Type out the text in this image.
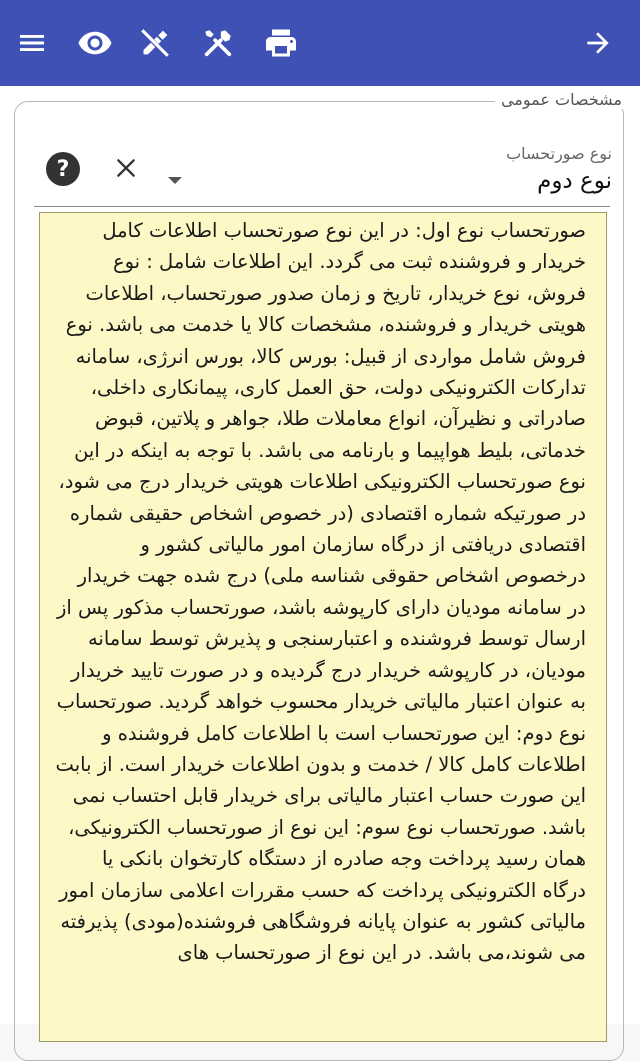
مشخصات عمومی
نوع صورتحساب
نوع دوم
?
صورتحساب نوع اول: در این نوع صورتحساب اطلاعات کامل خریدار و فروشنده ثبت می گردد. این اطلاعات شامل : نوع فروش، نوع خریدار، تاریخ و زمان صدور صورتحساب، اطلاعات هویتی خریدار و فروشنده، مشخصات کالا یا خدمت می باشد. نوع فروش شامل مواردی از قبیل: بورس کالا، بورس انرژی، سامانه تدارکات الکترونیکی دولت، حق العمل کاری، پیمانکاری داخلی، صادراتی و نظیرآن، انواع معاملات طلا، جواهر و پلاتین، قبوض خدماتی، بلیط هواپیما و بارنامه می باشد. با توجه به اینکه در این نوع صورتحساب الکترونیکی اطلاعات هویتی خریدار درج می شود، در صورتیکه شماره اقتصادی (در خصوص اشخاص حقیقی شماره اقتصادی دریافتی از درگاه سازمان امور مالیاتی کشور و درخصوص اشخاص حقوقی شناسه ملی) درج شده جهت خریدار در سامانه مودیان دارای کارپوشه باشد، صورتحساب مذکور پس از ارسال توسط فروشنده و اعتبارسنجی و پذیرش توسط سامانه مودیان، در کارپوشه خریدار درج گردیده و در صورت تایید خریدار به عنوان اعتبار مالیاتی خریدار محسوب خواهد گردید. صورتحساب نوع دوم: این صورتحساب است با اطلاعات کامل فروشنده و اطلاعات کامل کالا / خدمت و بدون اطلاعات خریدار است. از بابت این صورت حساب اعتبار مالیاتی برای خریدار قابل احتساب نمی باشد. صورتحساب نوع سوم: این نوع از صورتحساب الکترونیکی، همان رسید پرداخت وجه صادره از دستگاه کارتخوان بانکی یا درگاه الکترونیکی پرداخت که حسب مقررات اعلامی سازمان امور مالیاتی کشور به عنوان پایانه فروشگاهی فروشنده(مودی) پذیرفته می شوند،می باشد. در این نوع از صورتحساب های
